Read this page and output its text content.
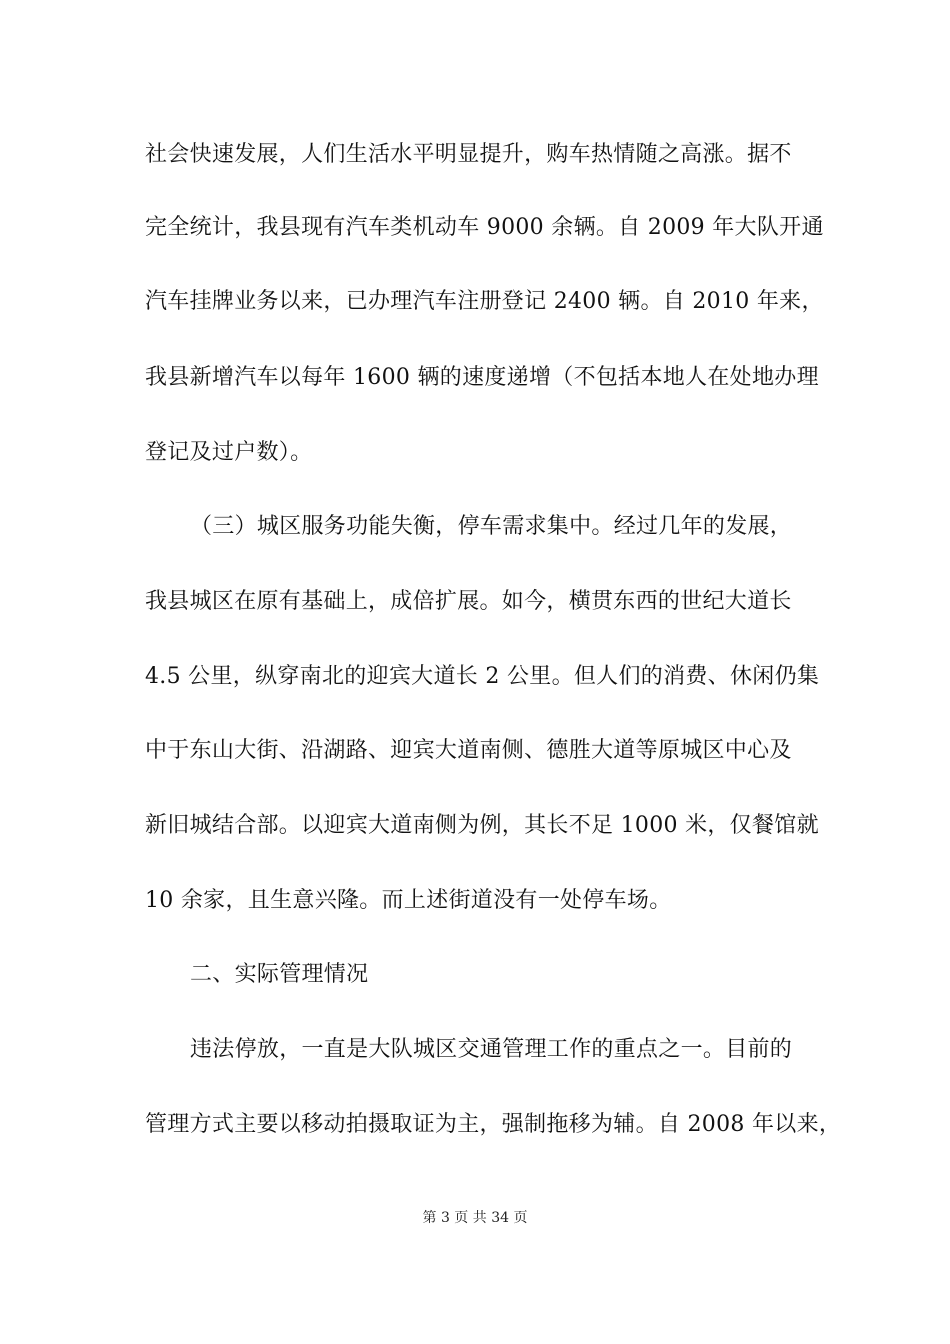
社会快速发展，人们生活水平明显提升，购车热情随之高涨。据不
完全统计，我县现有汽车类机动车 9000 余辆。自 2009 年大队开通
汽车挂牌业务以来，已办理汽车注册登记 2400 辆。自 2010 年来，
我县新增汽车以每年 1600 辆的速度递增（不包括本地人在处地办理
登记及过户数）。
（三）城区服务功能失衡，停车需求集中。经过几年的发展，
我县城区在原有基础上，成倍扩展。如今，横贯东西的世纪大道长
4.5 公里，纵穿南北的迎宾大道长 2 公里。但人们的消费、休闲仍集
中于东山大街、沿湖路、迎宾大道南侧、德胜大道等原城区中心及
新旧城结合部。以迎宾大道南侧为例，其长不足 1000 米，仅餐馆就
10 余家，且生意兴隆。而上述街道没有一处停车场。
二、实际管理情况
违法停放，一直是大队城区交通管理工作的重点之一。目前的
管理方式主要以移动拍摄取证为主，强制拖移为辅。自 2008 年以来，
第 3 页 共 34 页
